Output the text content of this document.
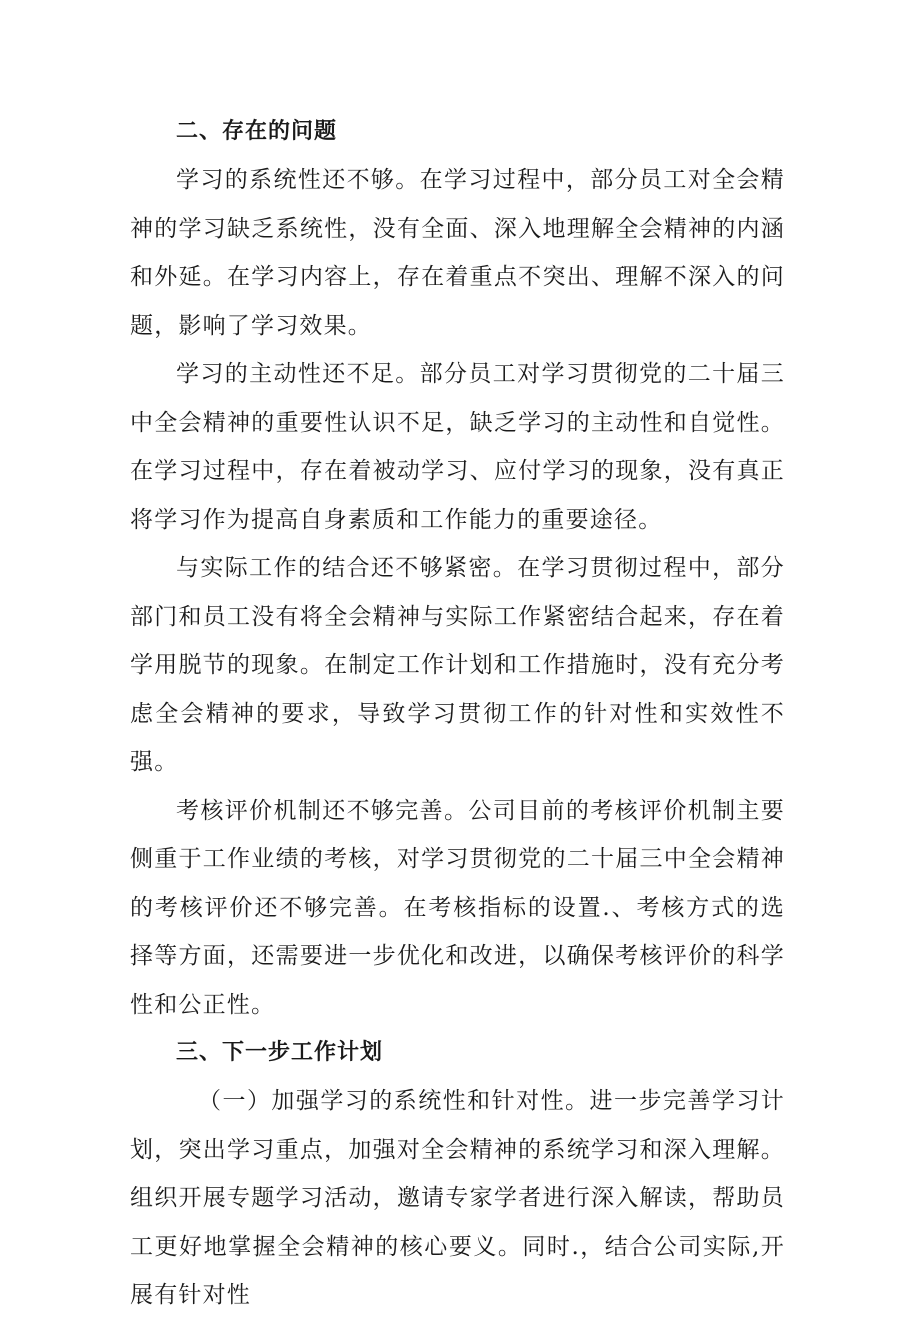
二、存在的问题

学习的系统性还不够。在学习过程中，部分员工对全会精神的学习缺乏系统性，没有全面、深入地理解全会精神的内涵和外延。在学习内容上，存在着重点不突出、理解不深入的问题，影响了学习效果。

学习的主动性还不足。部分员工对学习贯彻党的二十届三中全会精神的重要性认识不足，缺乏学习的主动性和自觉性。在学习过程中，存在着被动学习、应付学习的现象，没有真正将学习作为提高自身素质和工作能力的重要途径。

与实际工作的结合还不够紧密。在学习贯彻过程中，部分部门和员工没有将全会精神与实际工作紧密结合起来，存在着学用脱节的现象。在制定工作计划和工作措施时，没有充分考虑全会精神的要求，导致学习贯彻工作的针对性和实效性不强。

考核评价机制还不够完善。公司目前的考核评价机制主要侧重于工作业绩的考核，对学习贯彻党的二十届三中全会精神的考核评价还不够完善。在考核指标的设置.、考核方式的选择等方面，还需要进一步优化和改进，以确保考核评价的科学性和公正性。

三、下一步工作计划

（一）加强学习的系统性和针对性。进一步完善学习计划，突出学习重点，加强对全会精神的系统学习和深入理解。组织开展专题学习活动，邀请专家学者进行深入解读，帮助员工更好地掌握全会精神的核心要义。同时.，结合公司实际,开展有针对性
